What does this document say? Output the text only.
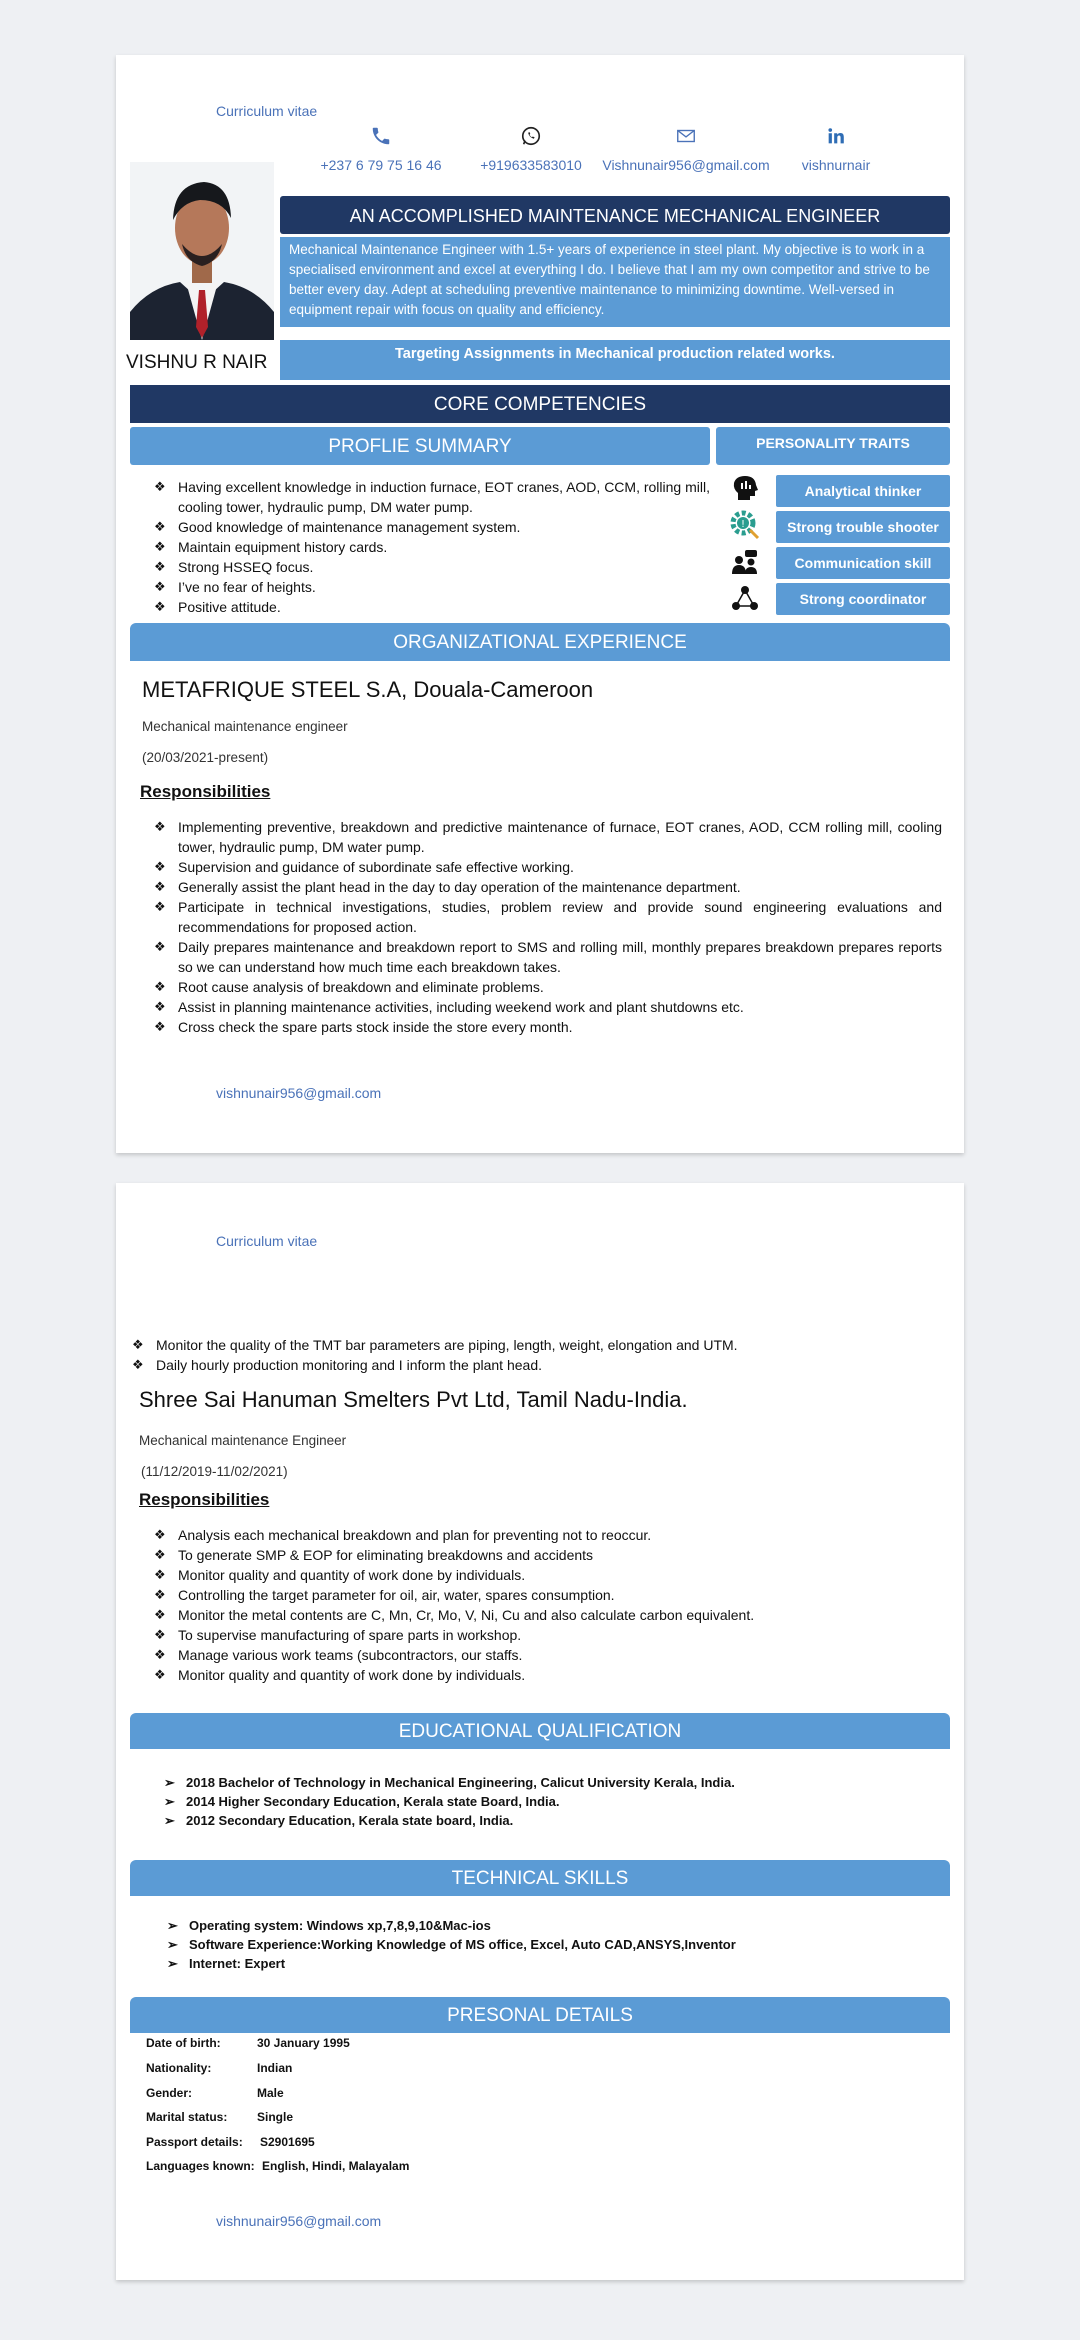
Curriculum vitae
+237 6 79 75 16 46	+919633583010	Vishnunair956@gmail.com	vishnurnair
VISHNU R NAIR
AN ACCOMPLISHED MAINTENANCE MECHANICAL ENGINEER
Mechanical Maintenance Engineer with 1.5+ years of experience in steel plant. My objective is to work in a specialised environment and excel at everything I do. I believe that I am my own competitor and strive to be better every day. Adept at scheduling preventive maintenance to minimizing downtime. Well-versed in equipment repair with focus on quality and efficiency.
Targeting Assignments in Mechanical production related works.
CORE COMPETENCIES
PROFLIE SUMMARY	PERSONALITY TRAITS
❖ Having excellent knowledge in induction furnace, EOT cranes, AOD, CCM, rolling mill, cooling tower, hydraulic pump, DM water pump.
❖ Good knowledge of maintenance management system.
❖ Maintain equipment history cards.
❖ Strong HSSEQ focus.
❖ I’ve no fear of heights.
❖ Positive attitude.
Analytical thinker
!	Strong trouble shooter
Communication skill
Strong coordinator
ORGANIZATIONAL EXPERIENCE
METAFRIQUE STEEL S.A, Douala-Cameroon
Mechanical maintenance engineer
(20/03/2021-present)
Responsibilities
❖ Implementing preventive, breakdown and predictive maintenance of furnace, EOT cranes, AOD, CCM rolling mill, cooling tower, hydraulic pump, DM water pump.
❖ Supervision and guidance of subordinate safe effective working.
❖ Generally assist the plant head in the day to day operation of the maintenance department.
❖ Participate in technical investigations, studies, problem review and provide sound engineering evaluations and recommendations for proposed action.
❖ Daily prepares maintenance and breakdown report to SMS and rolling mill, monthly prepares breakdown prepares reports so we can understand how much time each breakdown takes.
❖ Root cause analysis of breakdown and eliminate problems.
❖ Assist in planning maintenance activities, including weekend work and plant shutdowns etc.
❖ Cross check the spare parts stock inside the store every month.
vishnunair956@gmail.com
Curriculum vitae
❖ Monitor the quality of the TMT bar parameters are piping, length, weight, elongation and UTM.
❖ Daily hourly production monitoring and I inform the plant head.
Shree Sai Hanuman Smelters Pvt Ltd, Tamil Nadu-India.
Mechanical maintenance Engineer
(11/12/2019-11/02/2021)
Responsibilities
❖ Analysis each mechanical breakdown and plan for preventing not to reoccur.
❖ To generate SMP & EOP for eliminating breakdowns and accidents
❖ Monitor quality and quantity of work done by individuals.
❖ Controlling the target parameter for oil, air, water, spares consumption.
❖ Monitor the metal contents are C, Mn, Cr, Mo, V, Ni, Cu and also calculate carbon equivalent.
❖ To supervise manufacturing of spare parts in workshop.
❖ Manage various work teams (subcontractors, our staffs.
❖ Monitor quality and quantity of work done by individuals.
EDUCATIONAL QUALIFICATION
➢ 2018 Bachelor of Technology in Mechanical Engineering, Calicut University Kerala, India.
➢ 2014 Higher Secondary Education, Kerala state Board, India.
➢ 2012 Secondary Education, Kerala state board, India.
TECHNICAL SKILLS
➢ Operating system: Windows xp,7,8,9,10&Mac-ios
➢ Software Experience:Working Knowledge of MS office, Excel, Auto CAD,ANSYS,Inventor
➢ Internet: Expert
PRESONAL DETAILS
Date of birth:	30 January 1995
Nationality:	Indian
Gender:	Male
Marital status: Single
Passport details: S2901695
Languages known: English, Hindi, Malayalam
vishnunair956@gmail.com
